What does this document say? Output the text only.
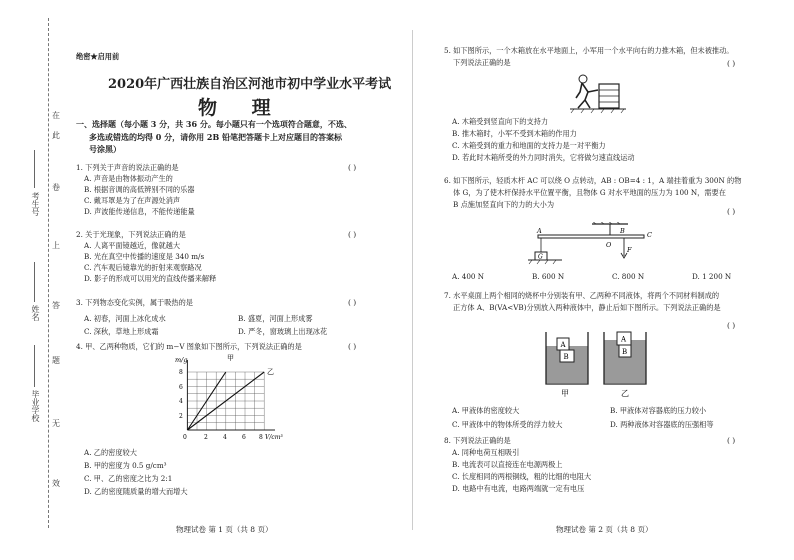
在
此
卷
上
答
题
无
效
考生号
姓名
毕业学校
绝密★启用前
2020年广西壮族自治区河池市初中学业水平考试
物 理
一、选择题（每小题 3 分，共 36 分。每小题只有一个选项符合题意，不选、
多选或错选的均得 0 分，请你用 2B 铅笔把答题卡上对应题目的答案标
号涂黑）
1. 下列关于声音的说法正确的是
A. 声音是由物体振动产生的
B. 根据音调的高低辨别不同的乐器
C. 戴耳罩是为了在声源处消声
D. 声波能传递信息，不能传递能量
( )
2. 关于光现象，下列说法正确的是
A. 人离平面镜越近，像就越大
B. 光在真空中传播的速度是 340 m/s
C. 汽车观后镜靠光的折射来观察路况
D. 影子的形成可以用光的直线传播来解释
( )
3. 下列物态变化实例，属于吸热的是	( )
A. 初春，河面上冰化成水	B. 盛夏，河面上形成雾
C. 深秋，草地上形成霜	D. 严冬，窗玻璃上出现冰花
4. 甲、乙两种物质，它们的 m−V 图象如下图所示，下列说法正确的是	( )
甲
m/g
乙
8
6
4
2
0	2	4	6 8 V/cm³
A. 乙的密度较大
B. 甲的密度为 0.5 g/cm³
C. 甲、乙的密度之比为 2:1
D. 乙的密度随质量的增大而增大
物理试卷 第 1 页（共 8 页）
5. 如下图所示，一个木箱放在水平地面上，小军用一个水平向右的力推木箱，但未被推动。
下列说法正确的是	( )
A. 木箱受到竖直向下的支持力
B. 推木箱时，小军不受到木箱的作用力
C. 木箱受到的重力和地面的支持力是一对平衡力
D. 若此时木箱所受的外力同时消失，它将做匀速直线运动
6. 如下图所示，轻质木杆 AC 可以绕 O 点转动，AB : OB=4 : 1，A 端挂着重为 300N 的物
体 G，为了使木杆保持水平位置平衡，且物体 G 对水平地面的压力为 100 N，需要在
B 点施加竖直向下的力的大小为
( )
A
O
B	C
F
G
A. 400 N	B. 600 N	C. 800 N	D. 1 200 N
7. 水平桌面上两个相同的烧杯中分别装有甲、乙两种不同液体，将两个不同材料制成的
正方体 A、B(VA<VB)分别放入两种液体中，静止后如下图所示。下列说法正确的是
( )
A
B
A
B
甲	乙
A. 甲液体的密度较大	B. 甲液体对容器底的压力较小
C. 甲液体中的物体所受的浮力较大	D. 两种液体对容器底的压强相等
8. 下列说法正确的是
A. 同种电荷互相吸引
B. 电流表可以直接连在电源两极上
C. 长度相同的两根铜线，粗的比细的电阻大
D. 电路中有电流，电路两端就一定有电压
( )
物理试卷 第 2 页（共 8 页）
